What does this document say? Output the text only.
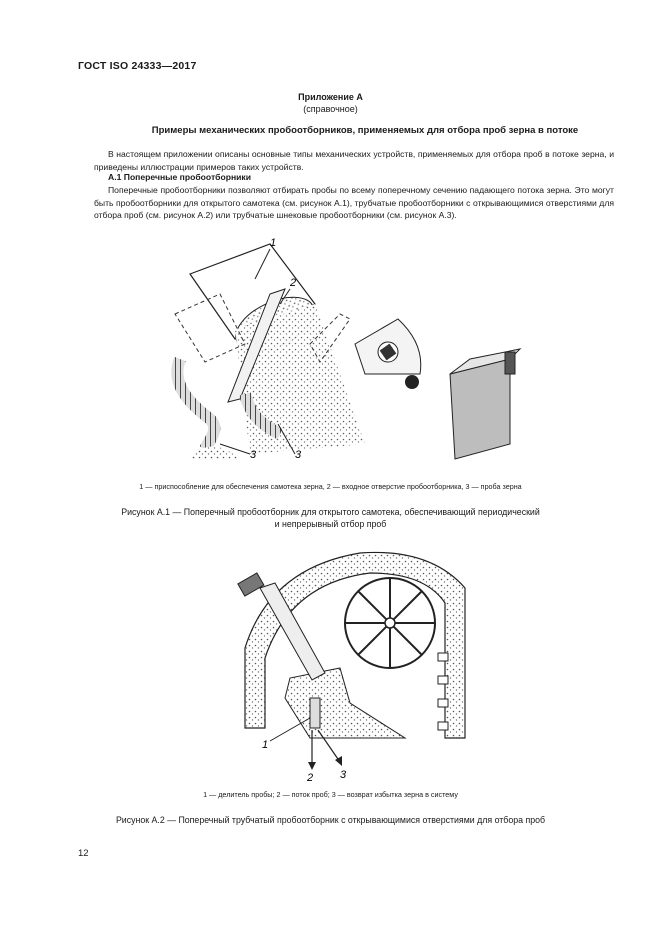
ГОСТ ISO 24333—2017
Приложение А
(справочное)
Примеры механических пробоотборников, применяемых для отбора проб зерна в потоке
В настоящем приложении описаны основные типы механических устройств, применяемых для отбора проб в потоке зерна, и приведены иллюстрации примеров таких устройств.
А.1 Поперечные пробоотборники
Поперечные пробоотборники позволяют отбирать пробы по всему поперечному сечению падающего потока зерна. Это могут быть пробоотборники для открытого самотека (см. рисунок А.1), трубчатые пробоотборники с открывающимися отверстиями для отбора проб (см. рисунок А.2) или трубчатые шнековые пробоотборники (см. рисунок А.3).
1
2
3	3
1 — приспособление для обеспечения самотека зерна, 2 — входное отверстие пробоотборника, 3 — проба зерна
Рисунок А.1 — Поперечный пробоотборник для открытого самотека, обеспечивающий периодический
и непрерывный отбор проб
1
2 3
1 — делитель пробы; 2 — поток проб; 3 — возврат избытка зерна в систему
Рисунок А.2 — Поперечный трубчатый пробоотборник с открывающимися отверстиями для отбора проб
12
